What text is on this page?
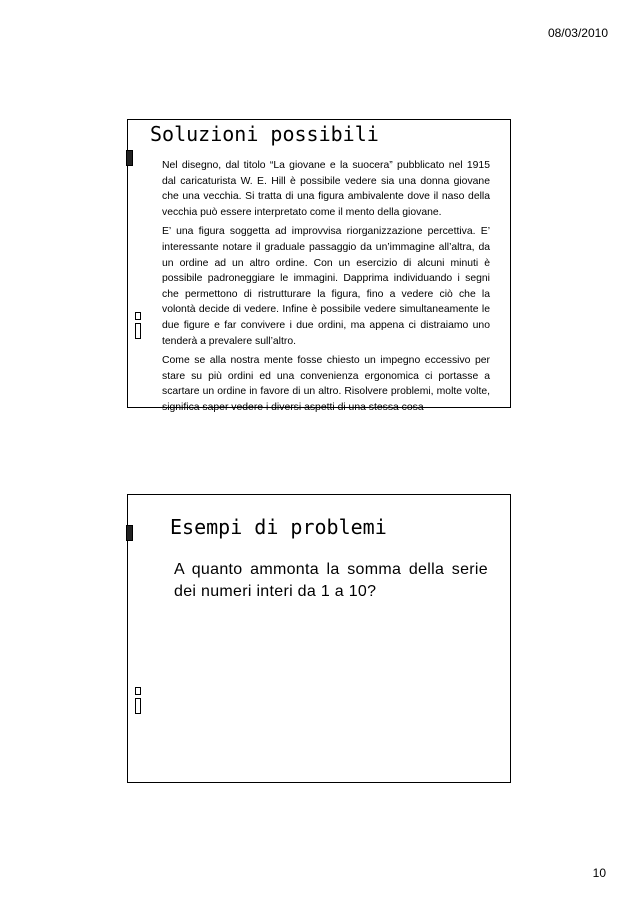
08/03/2010
Soluzioni possibili

Nel disegno, dal titolo “La giovane e la suocera” pubblicato nel 1915 dal caricaturista W. E. Hill è possibile vedere sia una donna giovane che una vecchia. Si tratta di una figura ambivalente dove il naso della vecchia può essere interpretato come il mento della giovane.

E’ una figura soggetta ad improvvisa riorganizzazione percettiva. E’ interessante notare il graduale passaggio da un’immagine all’altra, da un ordine ad un altro ordine. Con un esercizio di alcuni minuti è possibile padroneggiare le immagini. Dapprima individuando i segni che permettono di ristrutturare la figura, fino a vedere ciò che la volontà decide di vedere. Infine è possibile vedere simultaneamente le due figure e far convivere i due ordini, ma appena ci distraiamo uno tenderà a prevalere sull’altro.

Come se alla nostra mente fosse chiesto un impegno eccessivo per stare su più ordini ed una convenienza ergonomica ci portasse a scartare un ordine in favore di un altro. Risolvere problemi, molte volte, significa saper vedere i diversi aspetti di una stessa cosa

Esempi di problemi
A quanto ammonta la somma della serie dei numeri interi da 1 a 10?
10
